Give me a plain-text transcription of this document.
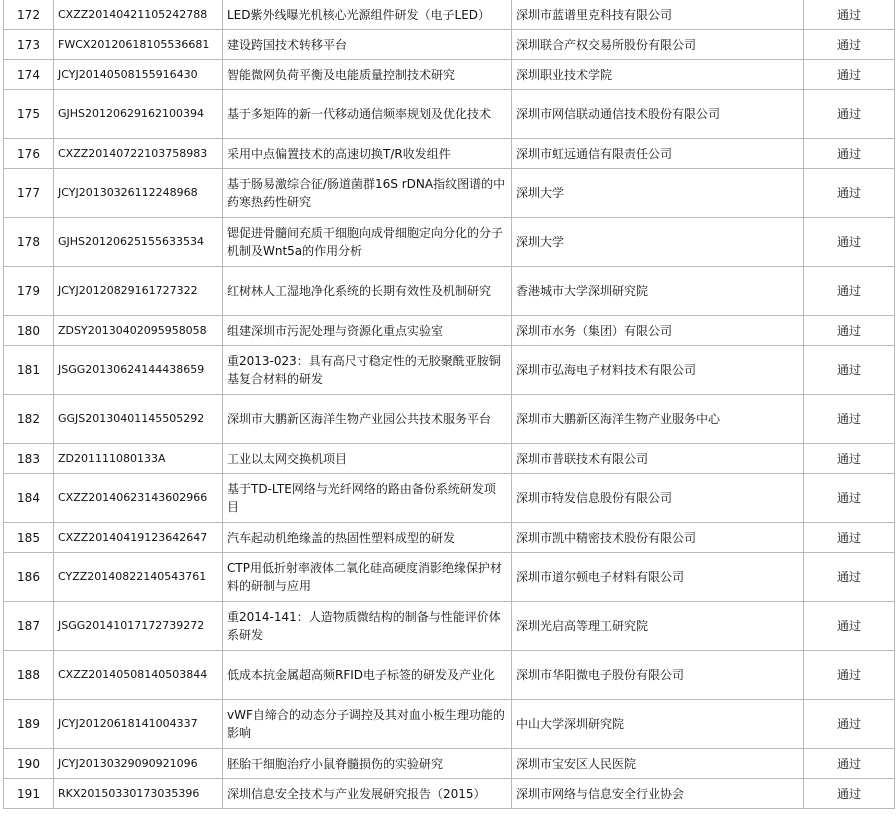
172	CXZZ20140421105242788	LED紫外线曝光机核心光源组件研发（电子LED）	深圳市蓝谱里克科技有限公司	通过
173	FWCX20120618105536681	建设跨国技术转移平台	深圳联合产权交易所股份有限公司	通过
174	JCYJ20140508155916430	智能微网负荷平衡及电能质量控制技术研究	深圳职业技术学院	通过
175	GJHS20120629162100394	基于多矩阵的新一代移动通信频率规划及优化技术	深圳市网信联动通信技术股份有限公司	通过
176	CXZZ20140722103758983	采用中点偏置技术的高速切换T/R收发组件	深圳市虹远通信有限责任公司	通过
177	JCYJ20130326112248968	基于肠易激综合征/肠道菌群16S rDNA指纹图谱的中药寒热药性研究	深圳大学	通过
178	GJHS20120625155633534	锶促进骨髓间充质干细胞向成骨细胞定向分化的分子机制及Wnt5a的作用分析	深圳大学	通过
179	JCYJ20120829161727322	红树林人工湿地净化系统的长期有效性及机制研究	香港城市大学深圳研究院	通过
180	ZDSY20130402095958058	组建深圳市污泥处理与资源化重点实验室	深圳市水务（集团）有限公司	通过
181	JSGG20130624144438659	重2013-023：具有高尺寸稳定性的无胶聚酰亚胺铜基复合材料的研发	深圳市弘海电子材料技术有限公司	通过
182	GGJS20130401145505292	深圳市大鹏新区海洋生物产业园公共技术服务平台	深圳市大鹏新区海洋生物产业服务中心	通过
183	ZD201111080133A	工业以太网交换机项目	深圳市普联技术有限公司	通过
184	CXZZ20140623143602966	基于TD-LTE网络与光纤网络的路由备份系统研发项目	深圳市特发信息股份有限公司	通过
185	CXZZ20140419123642647	汽车起动机绝缘盖的热固性塑料成型的研发	深圳市凯中精密技术股份有限公司	通过
186	CYZZ20140822140543761	CTP用低折射率液体二氧化硅高硬度消影绝缘保护材料的研制与应用	深圳市道尔顿电子材料有限公司	通过
187	JSGG20141017172739272	重2014-141：人造物质微结构的制备与性能评价体系研发	深圳光启高等理工研究院	通过
188	CXZZ20140508140503844	低成本抗金属超高频RFID电子标签的研发及产业化	深圳市华阳微电子股份有限公司	通过
189	JCYJ20120618141004337	vWF自缔合的动态分子调控及其对血小板生理功能的影响	中山大学深圳研究院	通过
190	JCYJ20130329090921096	胚胎干细胞治疗小鼠脊髓损伤的实验研究	深圳市宝安区人民医院	通过
191	RKX20150330173035396	深圳信息安全技术与产业发展研究报告（2015）	深圳市网络与信息安全行业协会	通过
